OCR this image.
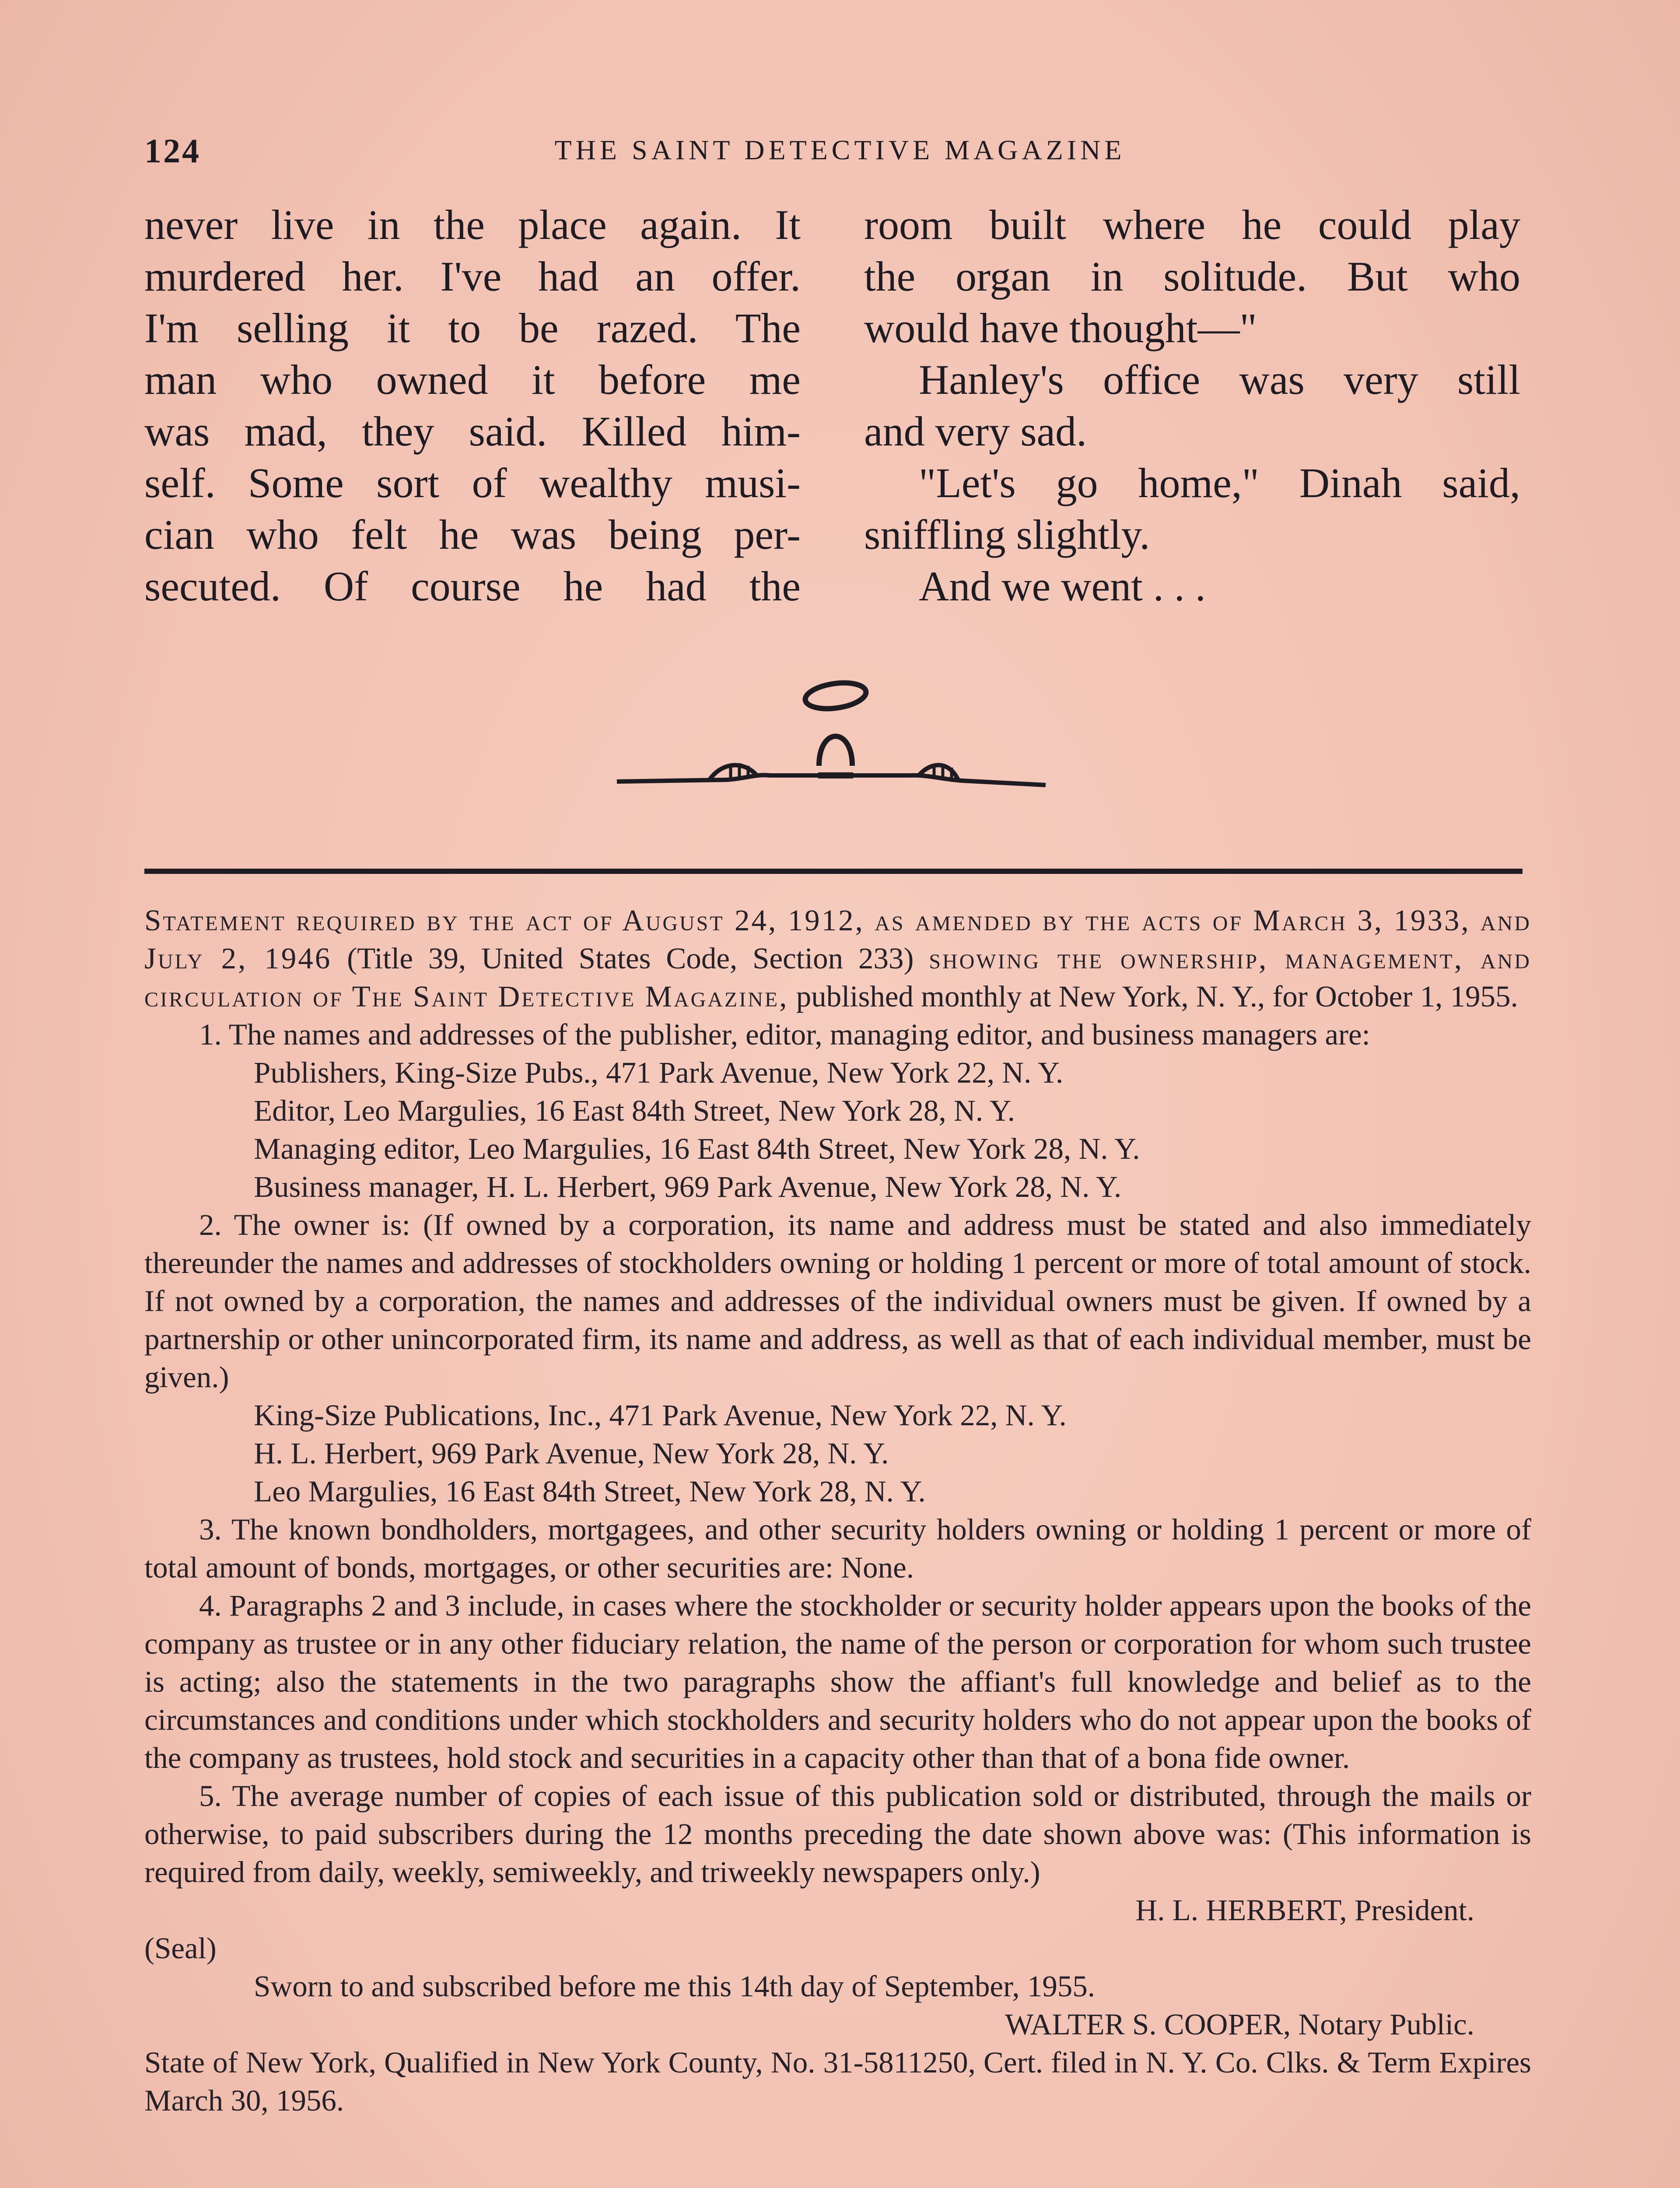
124	THE SAINT DETECTIVE MAGAZINE
never live in the place again. It
murdered her. I've had an offer.
I'm selling it to be razed. The
man who owned it before me
was mad, they said. Killed him-
self. Some sort of wealthy musi-
cian who felt he was being per-
secuted. Of course he had the
room built where he could play
the organ in solitude. But who
would have thought—"
Hanley's office was very still
and very sad.
"Let's go home," Dinah said,
sniffling slightly.
And we went . . .

Statement required by the act of August 24, 1912, as amended by the acts of March 3, 1933, and July 2, 1946 (Title 39, United States Code, Section 233) showing the ownership, management, and circulation of The Saint Detective Magazine, published monthly at New York, N. Y., for October 1, 1955.

1. The names and addresses of the publisher, editor, managing editor, and business managers are:

Publishers, King-Size Pubs., 471 Park Avenue, New York 22, N. Y.

Editor, Leo Margulies, 16 East 84th Street, New York 28, N. Y.

Managing editor, Leo Margulies, 16 East 84th Street, New York 28, N. Y.

Business manager, H. L. Herbert, 969 Park Avenue, New York 28, N. Y.

2. The owner is: (If owned by a corporation, its name and address must be stated and also immediately thereunder the names and addresses of stockholders owning or holding 1 percent or more of total amount of stock. If not owned by a corporation, the names and addresses of the individual owners must be given. If owned by a partnership or other unincorporated firm, its name and address, as well as that of each individual member, must be given.)

King-Size Publications, Inc., 471 Park Avenue, New York 22, N. Y.

H. L. Herbert, 969 Park Avenue, New York 28, N. Y.

Leo Margulies, 16 East 84th Street, New York 28, N. Y.

3. The known bondholders, mortgagees, and other security holders owning or holding 1 percent or more of total amount of bonds, mortgages, or other securities are: None.

4. Paragraphs 2 and 3 include, in cases where the stockholder or security holder appears upon the books of the company as trustee or in any other fiduciary relation, the name of the person or corporation for whom such trustee is acting; also the statements in the two paragraphs show the affiant's full knowledge and belief as to the circumstances and conditions under which stockholders and security holders who do not appear upon the books of the company as trustees, hold stock and securities in a capacity other than that of a bona fide owner.

5. The average number of copies of each issue of this publication sold or distributed, through the mails or otherwise, to paid subscribers during the 12 months preceding the date shown above was: (This information is required from daily, weekly, semiweekly, and triweekly newspapers only.)

H. L. HERBERT, President.

(Seal)

Sworn to and subscribed before me this 14th day of September, 1955.

WALTER S. COOPER, Notary Public.

State of New York, Qualified in New York County, No. 31-5811250, Cert. filed in N. Y. Co. Clks. & Term Expires March 30, 1956.
